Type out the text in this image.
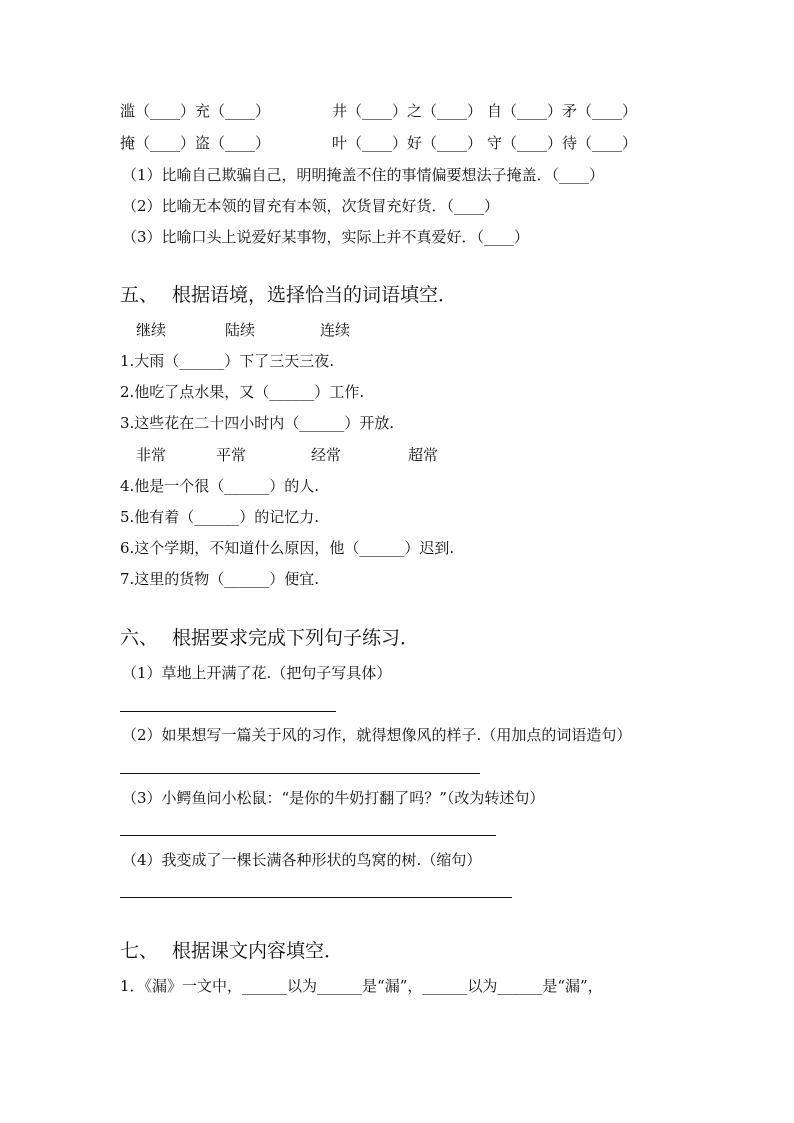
滥（____）充（____）	井（____）之（____） 自（____）矛（____）
掩（____）盗（____）	叶（____）好（____） 守（____）待（____）
（1）比喻自己欺骗自己，明明掩盖不住的事情偏要想法子掩盖．（____）
（2）比喻无本领的冒充有本领，次货冒充好货．（____）
（3）比喻口头上说爱好某事物，实际上并不真爱好．（____）
五、 根据语境，选择恰当的词语填空．
继续	陆续	连续
1.大雨（______）下了三天三夜.
2.他吃了点水果，又（______）工作.
3.这些花在二十四小时内（______）开放.
非常	平常	经常	超常
4.他是一个很（______）的人.
5.他有着（______）的记忆力.
6.这个学期，不知道什么原因，他（______）迟到.
7.这里的货物（______）便宜.
六、 根据要求完成下列句子练习．
（1）草地上开满了花.（把句子写具体）
（2）如果想写一篇关于风的习作，就得想像风的样子.（用加点的词语造句）
（3）小鳄鱼问小松鼠：“是你的牛奶打翻了吗？”（改为转述句）
（4）我变成了一棵长满各种形状的鸟窝的树.（缩句）
七、 根据课文内容填空．
1．《漏》一文中，______以为______是“漏”，______以为______是“漏”，
